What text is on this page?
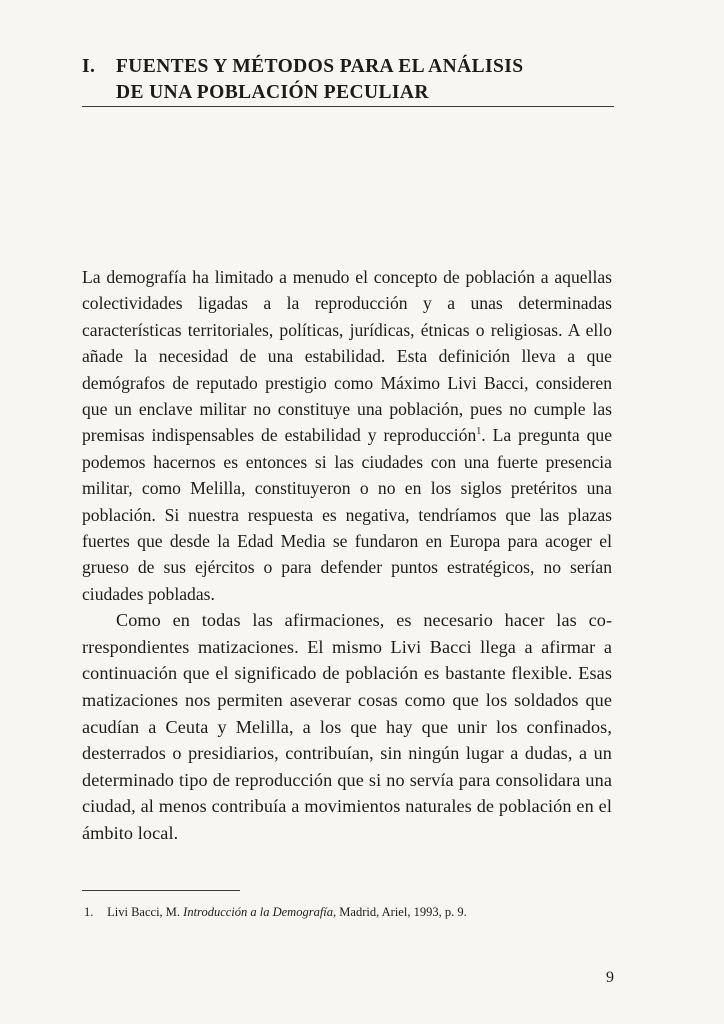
I.	FUENTES Y MÉTODOS PARA EL ANÁLISIS
DE UNA POBLACIÓN PECULIAR

La demografía ha limitado a menudo el concepto de población a aquellas colectividades ligadas a la reproducción y a unas determinadas características territoriales, políticas, jurídicas, étnicas o religiosas. A ello añade la necesidad de una estabilidad. Esta definición lleva a que demógrafos de reputado prestigio como Máximo Livi Bacci, consideren que un enclave militar no constituye una población, pues no cumple las premisas indispensables de estabilidad y reproducción$^1$. La pregunta que podemos hacernos es entonces si las ciudades con una fuerte presencia militar, como Melilla, constituyeron o no en los siglos pretéritos una población. Si nuestra respuesta es negativa, tendríamos que las plazas fuertes que desde la Edad Media se fundaron en Europa para acoger el grueso de sus ejércitos o para defender puntos estratégicos, no serían ciudades pobladas.

Como en todas las afirmaciones, es necesario hacer las correspondientes matizaciones. El mismo Livi Bacci llega a afirmar a continuación que el significado de población es bastante flexible. Esas matizaciones nos permiten aseverar cosas como que los soldados que acudían a Ceuta y Melilla, a los que hay que unir los confinados, desterrados o presidiarios, contribuían, sin ningún lugar a dudas, a un determinado tipo de reproducción que si no servía para consolidara una ciudad, al menos contribuía a movimientos naturales de población en el ámbito local.

1. Livi Bacci, M. Introducción a la Demografía, Madrid, Ariel, 1993, p. 9.
9
